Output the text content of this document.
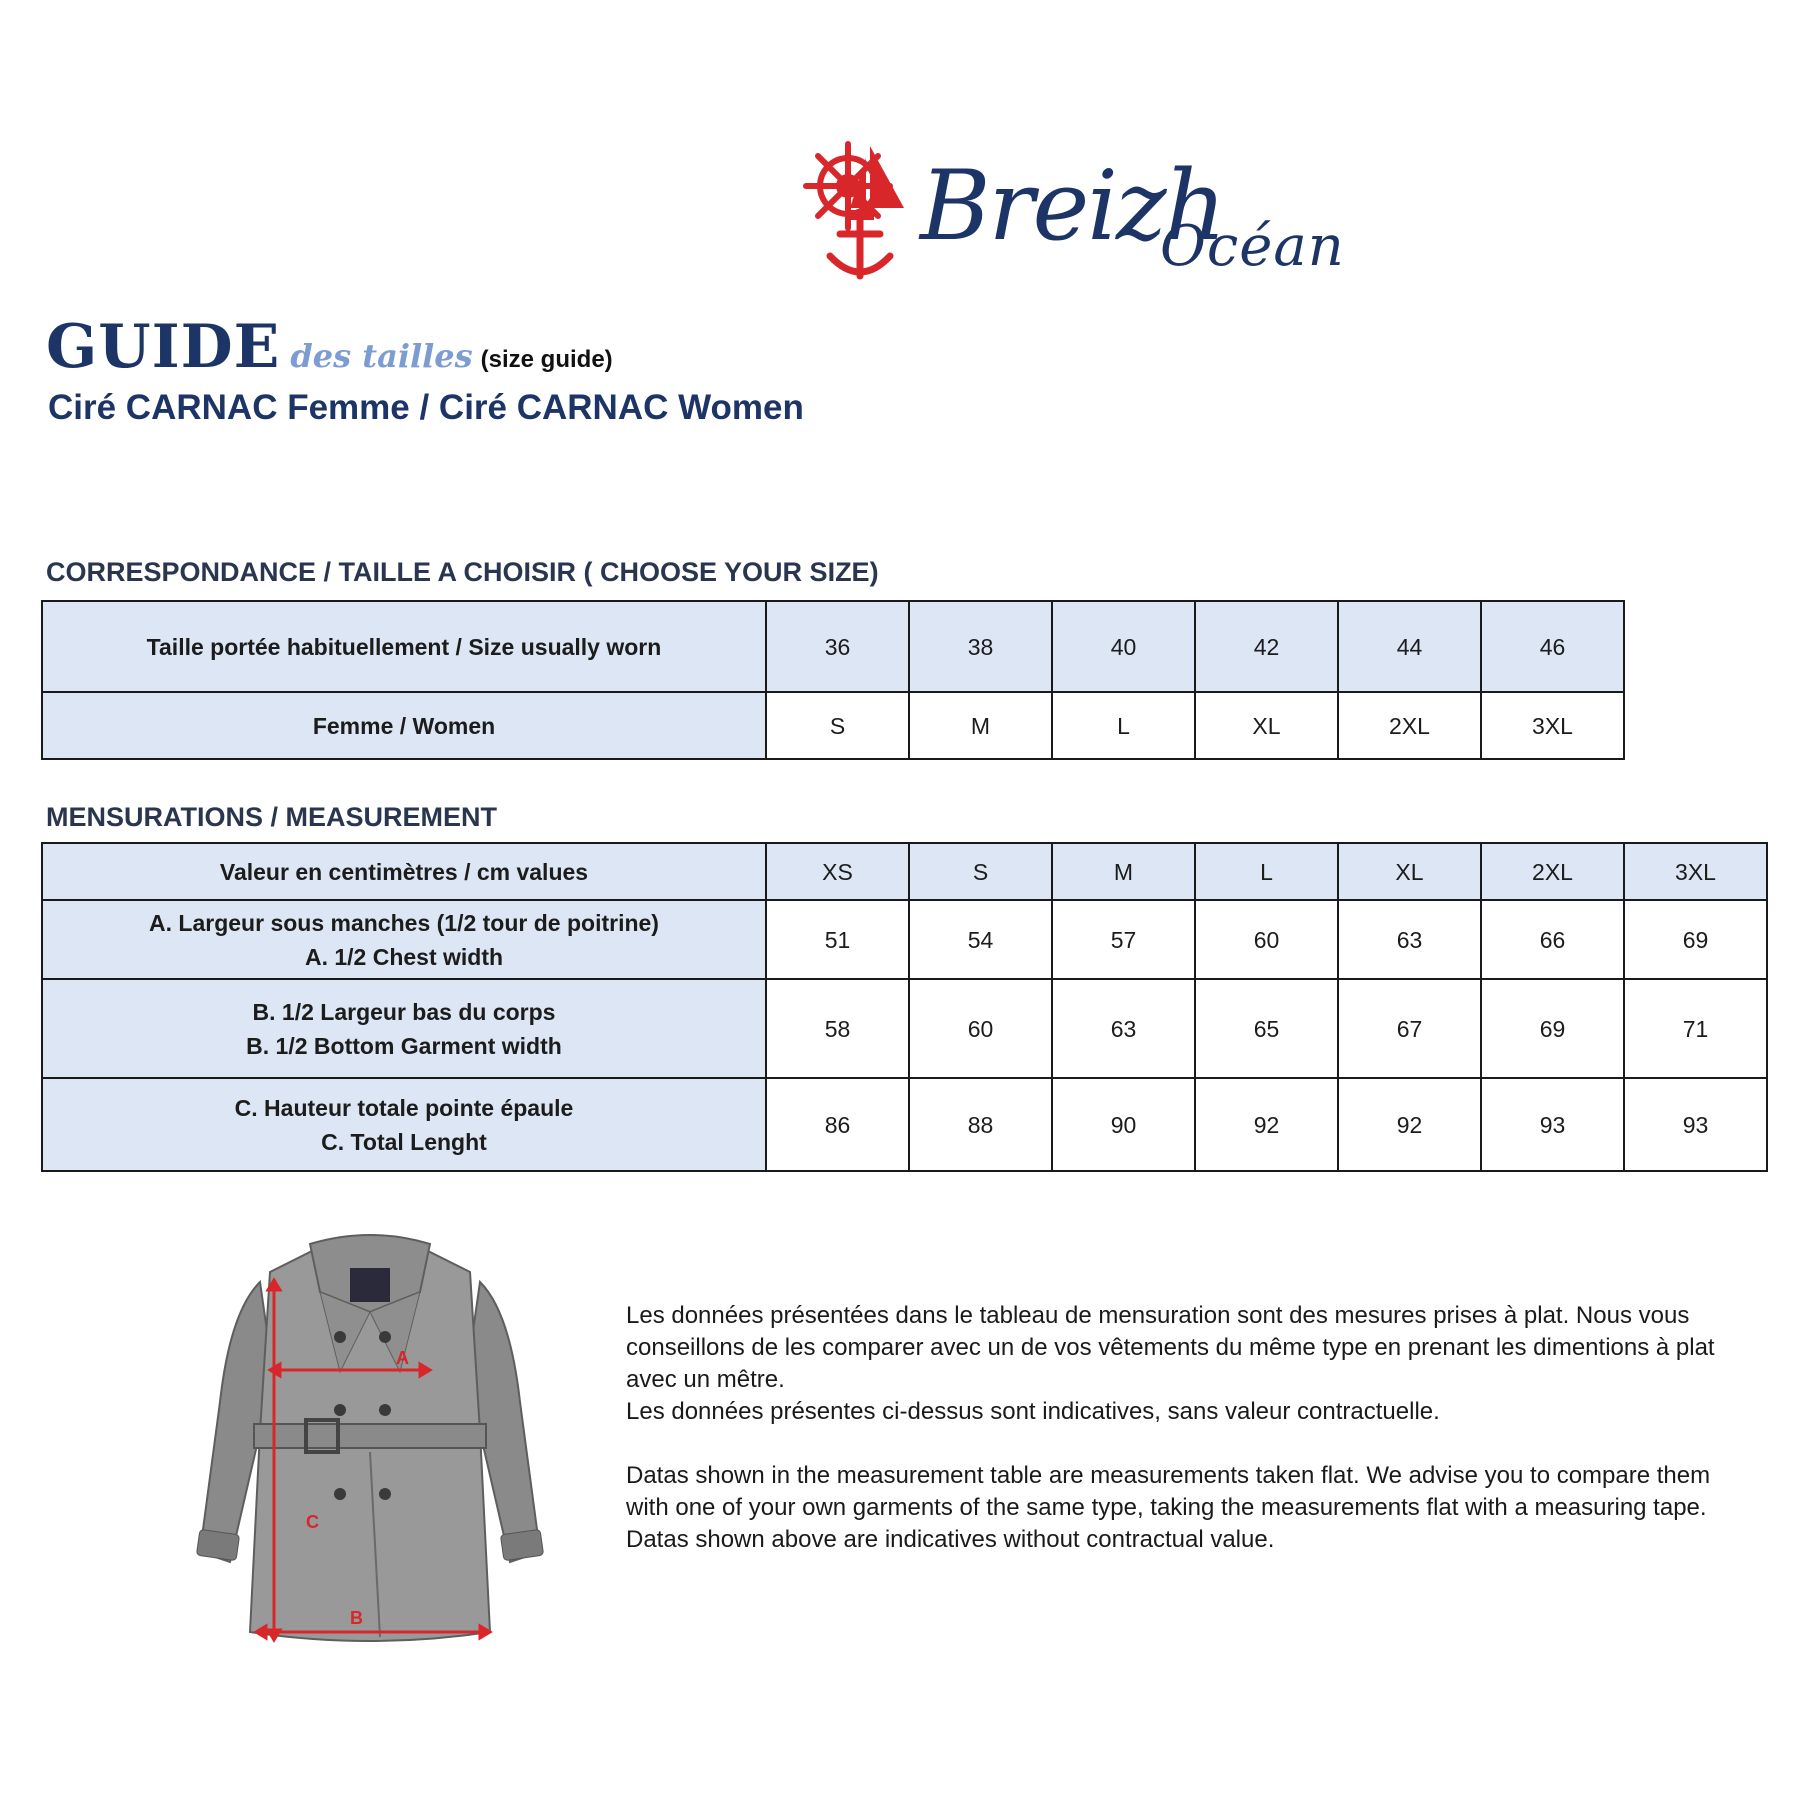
Breizh
Océan
GUIDE des tailles (size guide)
Ciré CARNAC Femme / Ciré CARNAC Women
CORRESPONDANCE / TAILLE A CHOISIR ( CHOOSE YOUR SIZE)
Taille portée habituellement / Size usually worn	36	38	40	42	44	46
Femme / Women	S	M	L	XL	2XL	3XL
MENSURATIONS / MEASUREMENT
Valeur en centimètres / cm values	XS	S	M	L	XL	2XL	3XL

A. Largeur sous manches (1/2 tour de poitrine)
A. 1/2 Chest width	51	54	57	60	63	66	69

B. 1/2 Largeur bas du corps
B. 1/2 Bottom Garment width	58	60	63	65	67	69	71

C. Hauteur totale pointe épaule
C. Total Lenght	86	88	90	92	92	93	93
A
C
B

Les données présentées dans le tableau de mensuration sont des mesures prises à plat. Nous vous conseillons de les comparer avec un de vos vêtements du même type en prenant les dimentions à plat avec un mêtre.

Les données présentes ci-dessus sont indicatives, sans valeur contractuelle.

Datas shown in the measurement table are measurements taken flat. We advise you to compare them with one of your own garments of the same type, taking the measurements flat with a measuring tape.

Datas shown above are indicatives without contractual value.
